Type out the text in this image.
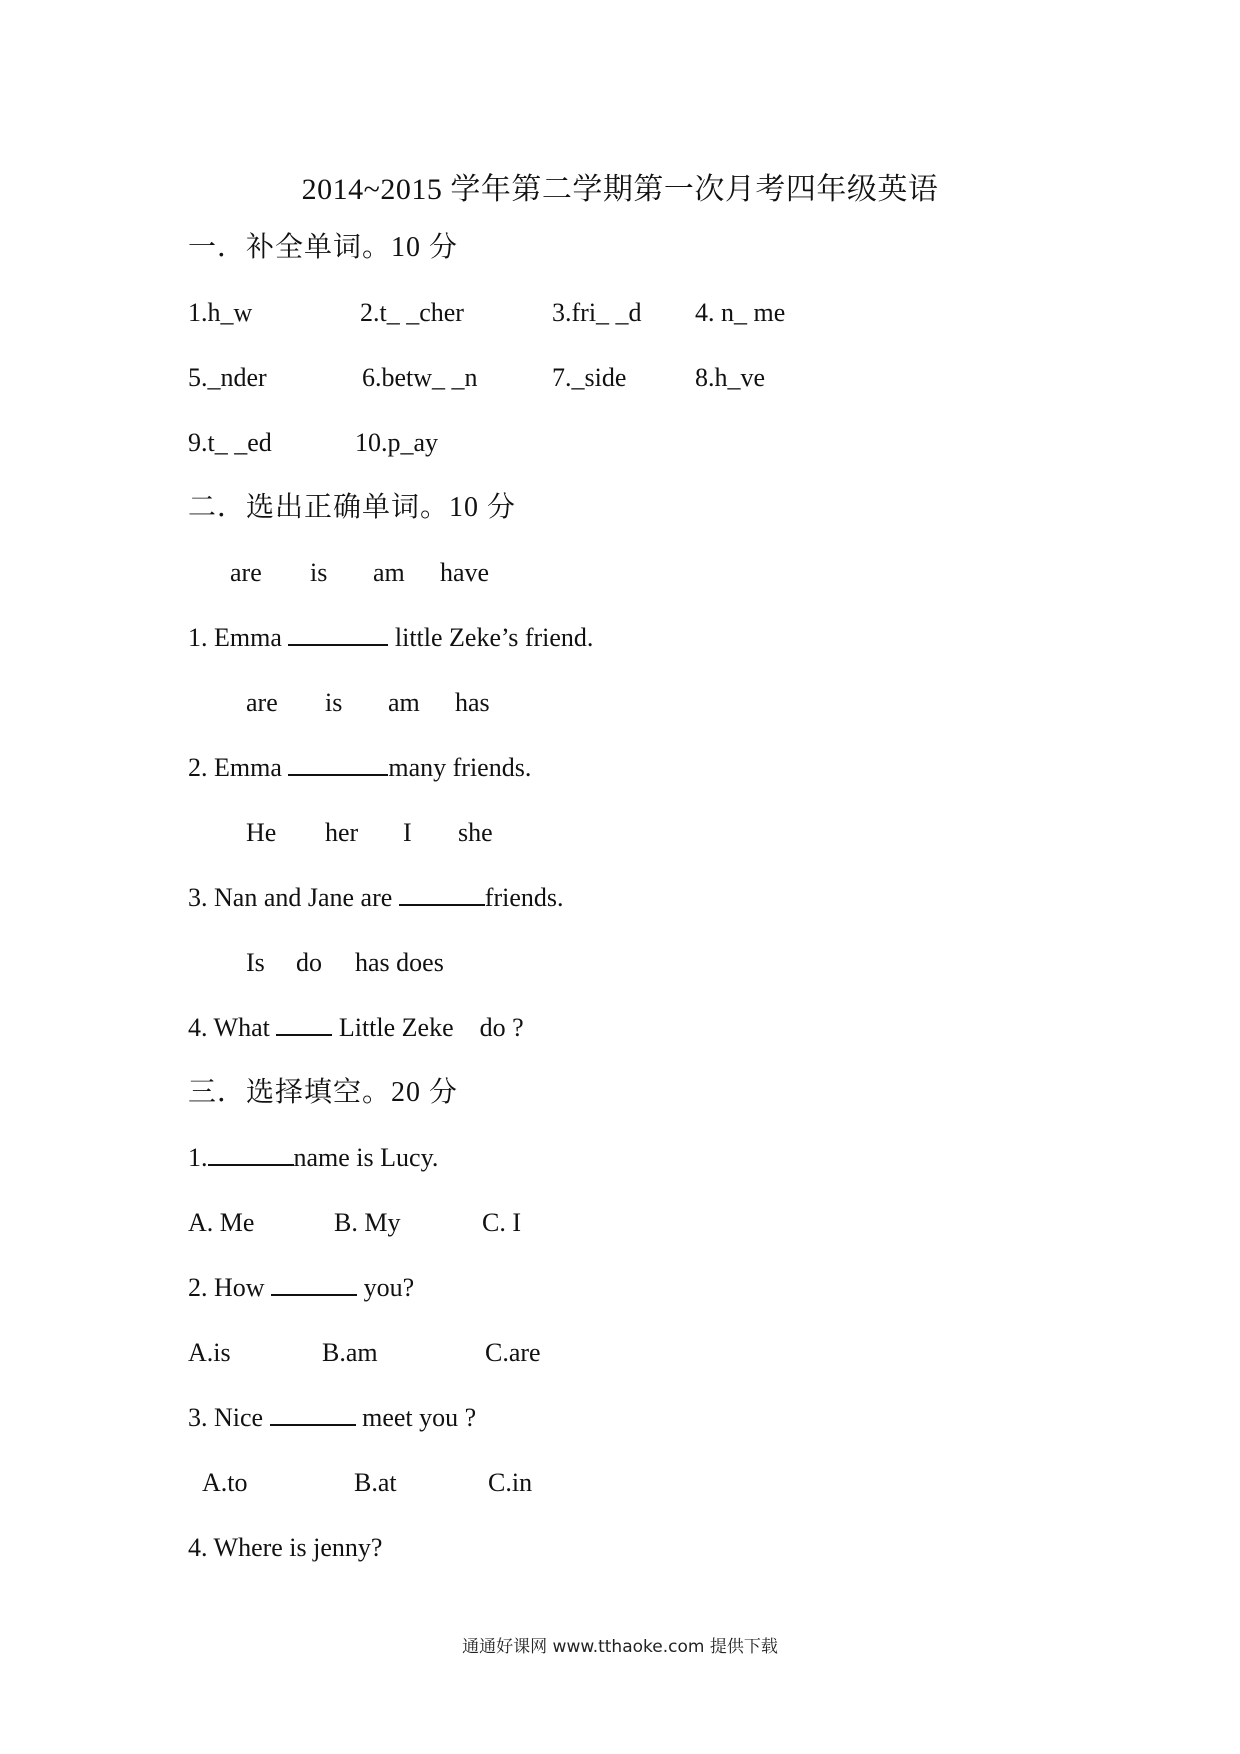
2014~2015 学年第二学期第一次月考四年级英语
一．补全单词。10 分
1.h_w	2.t_ _cher	3.fri_ _d 4. n_ me
5._nder	6.betw_ _n	7._side	8.h_ve
9.t_ _ed	10.p_ay
二．选出正确单词。10 分
are is am have
1. Emma	little Zeke’s friend.
are is am has
2. Emma	many friends.
He her I she
3. Nan and Jane are	friends.
Is do has does
4. What	Little Zeke    do ?
三．选择填空。20 分
1.	name is Lucy.
A. Me	B. My	C. I
2. How	you?
A.is	B.am	C.are
3. Nice	meet you ?
A.to	B.at	C.in
4. Where is jenny?
通通好课网 www.tthaoke.com 提供下载
